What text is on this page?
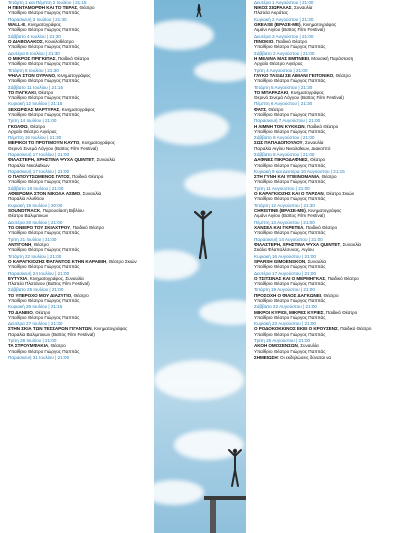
Τετάρτη 1 και Πέμπτη 2 Ιουλίου | 21:15
Η ΠΕΝΤΑΜΟΡΦΗ ΚΑΙ ΤΟ ΤΕΡΑΣ, Θέατρο
Υπαίθριο Θέατρο Γιώργος Παππάς
Παρασκευή 3 Ιουλίου | 21:30
WALL-E, Κινηματογράφος
Υπαίθριο Θέατρο Γιώργος Παππάς
Σάββατο 4 Ιουλίου | 21:30
Ο ΔΙΑΒΟΛΑΚΟΣ, Κουκλοθέατρο
Υπαίθριο Θέατρο Γιώργος Παππάς
Δευτέρα 6 Ιουλίου | 21:30
Ο ΜΙΚΡΟΣ ΠΡΙΓΚΙΠΑΣ, Παιδικό Θέατρο
Υπαίθριο Θέατρο Γιώργος Παππάς
Τετάρτη 8 Ιουλίου | 21:30
ΨΗΛΑ ΣΤΟΝ ΟΥΡΑΝΟ, Κινηματογράφος
Υπαίθριο Θέατρο Γιώργος Παππάς
Σάββατο 11 Ιουλίου | 21:15
ΤΟ ΠΑΓΚΑΚΙ, Θέατρο
Υπαίθριο Θέατρο Γιώργος Παππάς
Κυριακή 12 Ιουλίου | 21:15
ΞΕΧΩΡΙΣΑΣ ΜΑΡΤΥΡΑΣ, Κινηματογράφος
Υπαίθριο Θέατρο Γιώργος Παππάς
Τρίτη 14 Ιουλίου | 21:00
ΓΚΟΛΦΩ, Θέατρο
Αρχαίο Θέατρο Αιγείρας
Πέμπτη 16 Ιουλίου | 21:30
ΜΕΡΙΚΟΙ ΤΟ ΠΡΟΤΙΜΟΥΝ ΚΑΥΤΟ, Κινηματογράφος
Θερινό Σινεμά Λόγγου (Βαϊτος Film Festival)
Παρασκευή 17 Ιουλίου | 21:00
ΦΙΛΑΣΤΕΡΗ, ΧΡΗΣΤΙΝΑ ΨΥΧΑ QUINTET, Συναυλία
Παραλία Νικολαΐκων
Παρασκευή 17 Ιουλίου | 21:00
Ο ΠΑΠΟΥΤΣΩΜΕΝΟΣ ΓΑΤΟΣ, Παιδικό Θέατρο
Υπαίθριο Θέατρο Γιώργος Παππάς
Σάββατο 18 Ιουλίου | 21:00
ΑΦΙΕΡΩΜΑ ΣΤΟΝ ΝΙΚΟΛΑ ΑΣΙΜΟ, Συναυλία
Παραλία Αλυθόου
Κυριακή 19 Ιουλίου | 20:00
SOUNDTRACK, Παρουσίαση Βιβλίου
Θέατρο Βαλιμιτικων
Δευτέρα 20 Ιουλίου | 21:00
ΤΟ ΟΝΕΙΡΟ ΤΟΥ ΣΚΙΑΧΤΡΟΥ, Παιδικό Θέατρο
Υπαίθριο Θέατρο Γιώργος Παππάς
Τρίτη 21 Ιουλίου | 21:00
ΑΝΤΙΓΟΝΗ, Θέατρο
Υπαίθριο Θέατρο Γιώργος Παππάς
Τετάρτη 22 Ιουλίου | 21:00
Ο ΚΑΡΑΓΚΙΟΖΗΣ ΦΑΓΑΝΤΟΣ ΚΤΗΝ ΚΑΡΑΙΜΗ, Θέατρο Σκιών
Υπαίθριο Θέατρο Γιώργος Παππάς
Παρασκευή 24 Ιουλίου | 21:00
ΕΥΤΥΧΙΑ, Κινηματογράφος, Συναυλία
Πλατεία Πλατάνου (Βαϊτος Film Festival)
Σάββατο 25 Ιουλίου | 21:00
ΤΟ ΥΠΕΡΟΧΟ ΜΟΥ ΔΙΑΖΥΓΙΟ, Θέατρο
Υπαίθριο Θέατρο Γιώργος Παππάς
Κυριακή 26 Ιουλίου | 21:15
ΤΟ ΔΑΝΕΙΟ, Θέατρο
Υπαίθριο Θέατρο Γιώργος Παππάς
Δευτέρα 27 Ιουλίου | 21:30
ΣΤΗΝ ΣΚΙΑ ΤΩΝ ΤΕΣΣΑΡΩΝ ΓΙΓΑΝΤΩΝ, Κινηματογράφος
Παραλία Βαλιμιτικων (Βαϊτος Film Festival)
Τρίτη 28 Ιουλίου | 21:00
ΤΑ ΣΤΡΟΥΜΦΑΚΙΑ, Θέατρο
Υπαίθριο Θέατρο Γιώργος Παππάς
Παρασκευή 31 Ιουλίου | 21:00
Δευτέρα 1 Αυγούστου | 21:00
ΝΙΚΟΣ ΣΙΩΡΑΛΑΣ, Συναυλία
Πλατεία Ακράτας
Κυριακή 2 Αυγούστου | 21:30
GREASE (ΒΡΑΣΕ-ΜΕ), Κινηματογράφος
Λιμάνι Αιγίου (Βαϊτος Film Festival)
Δευτέρα 3 Αυγούστου | 21:00
ΠΙΝΟΚΙΟ, Παιδικό Θέατρο
Υπαίθριο Θέατρο Γιώργος Παππάς
Σάββατο 2 Αυγούστου | 21:00
Η ΜΕΛΙΝΑ ΜΑΣ ΕΜΠΝΕΕΙ, Μουσική Παράσταση
Αρχαίο Θέατρο Αιγείρας
Τρίτη 4 Αυγούστου | 21:00
ΓΛΥΚΟ ΤΑΞΙΔΙ ΣΕ ΛΙΜΑΝΙ ΓΕΙΤΟΝΙΚΟ, Θέατρο
Υπαίθριο Θέατρο Γιώργος Παππάς
Τετάρτη 5 Αυγούστου | 21:30
ΤΟ ΜΠΑΡΑΖΑΚΙ, Κινηματογράφος
Θερινό Σινεμά Λόγγου (Βαϊτος Film Festival)
Πέμπτη 6 Αυγούστου | 21:30
ΦΑΤΣ, Θέατρο
Υπαίθριο Θέατρο Γιώργος Παππάς
Παρασκευή 7 Αυγούστου | 21:00
Η ΛΙΜΝΗ ΤΟΝ ΚΥΚΚΩΝ, Παιδικό Θέατρο
Υπαίθριο Θέατρο Γιώργος Παππάς
Σάββατο 8 Αυγούστου | 21:00
ΣΩΣ ΠΑΠΑΔΟΠΟΥΛΟΥ, Συναυλία
Παραλία Αιγίου Νικολαΐκων, Διακοπτό
Σάββατο 8 Αυγούστου | 21:00
ΔΑΦΝΕΣ ΠΙΚΡΟΔΑΦΝΕΣ, Θέατρο
Υπαίθριο Θέατρο Γιώργος Παππάς
Κυριακή 9 και Δευτέρα 10 Αυγούστου | 21:15
ΣΤΗ ΓΥΝΗ ΚΑΙ ΥΓΙΕΙΝΟΜΑΝΙΑ, Θέατρο
Υπαίθριο Θέατρο Γιώργος Παππάς
Τρίτη 11 Αυγούστου | 21:00
Ο ΚΑΡΑΓΚΙΟΖΗΣ ΚΑΙ Ο ΤΑΡΖΑΝ, Θέατρο Σκιών
Υπαίθριο Θέατρο Γιώργος Παππάς
Τετάρτη 12 Αυγούστου | 21:30
CHRISTINE (ΒΡΑΣΕ-ΜΕ), Κινηματογράφος
Λιμάνι Αιγίου (Βαϊτος Film Festival)
Πέμπτη 13 Αυγούστου | 21:00
ΧΑΝΣΕΛ ΚΑΙ ΓΚΡΕΤΕΛ, Παιδικό Θέατρο
Υπαίθριο Θέατρο Γιώργος Παππάς
Παρασκευή 14 Αυγούστου | 21:00
ΦΙΛΑΣΤΕΡΗ, ΧΡΗΣΤΙΝΑ ΨΥΧΑ QUINTET, Συναυλία
Σκάλα Φλαπαλέσυνας, Αιγίου
Κυριακή 16 Αυγούστου | 21:00
SPARSH GIMOENSKON, Συναυλία
Υπαίθριο Θέατρο Γιώργος Παππάς
Δευτέρα 17 Αυγούστου | 21:00
Ο ΤΣΙΤΣΙΝΑΣ ΚΑΙ Ο ΜΕΡΜΗΓΚΑΣ, Παιδικό Θέατρο
Υπαίθριο Θέατρο Γιώργος Παππάς
Τετάρτη 19 Αυγούστου | 21:00
ΠΡΟΣΟΧΗ Ο ΦΙΛΟΣ ΔΑΓΚΩΝΕΙ, Θέατρο
Υπαίθριο Θέατρο Γιώργος Παππάς
Σάββατο 22 Αυγούστου | 21:00
ΜΙΚΡΟΙ ΚΥΡΙΟΙ, ΜΙΚΡΕΣ ΚΥΡΙΕΣ, Παιδικό Θέατρο
Υπαίθριο Θέατρο Γιώργος Παππάς
Κυριακή 23 Αυγούστου | 21:00
Ο ΡΟΔΟΚΟΚΚΙΝΟΣ ΕΚΕΙ Ο ΚΡΟΥΣΕΝΣ, Παιδικό Θέατρο
Υπαίθριο Θέατρο Γιώργος Παππάς
Τρίτη 25 Αυγούστου | 21:00
ΑΚΟΗ ΟΜΟΣΕΝΣΩΝ, Συναυλία
Υπαίθριο Θέατρο Γιώργος Παππάς
ΣΗΜΕΙΩΣΗ: Οι εκδηλώσεις δύναται να
